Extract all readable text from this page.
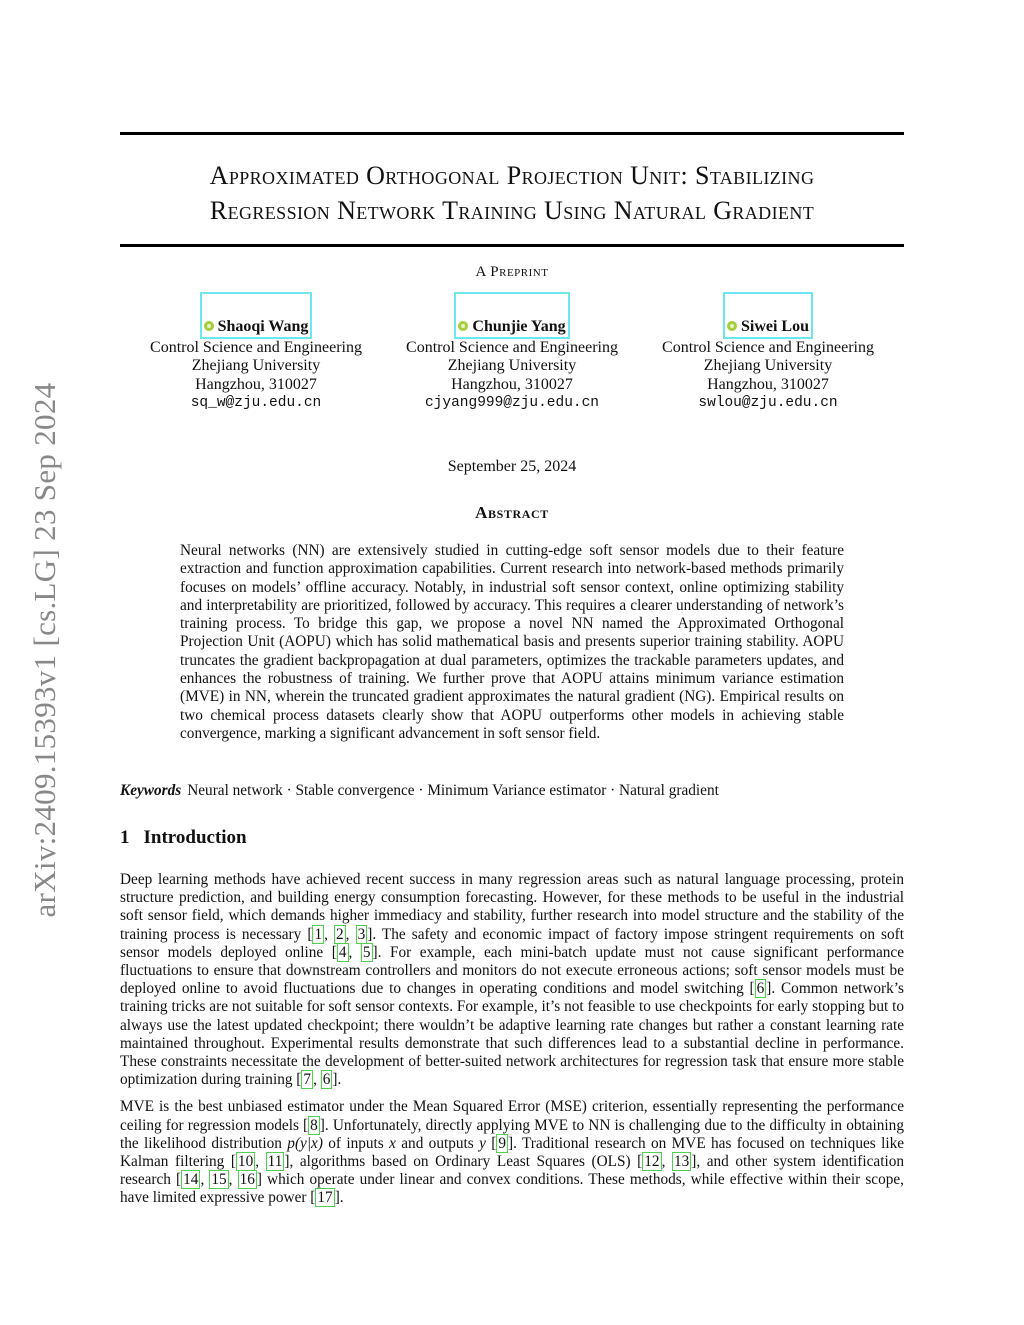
arXiv:2409.15393v1 [cs.LG] 23 Sep 2024
Approximated Orthogonal Projection Unit: Stabilizing
Regression Network Training Using Natural Gradient
A Preprint
Shaoqi Wang
Control Science and Engineering
Zhejiang University
Hangzhou, 310027
sq_w@zju.edu.cn
Chunjie Yang
Control Science and Engineering
Zhejiang University
Hangzhou, 310027
cjyang999@zju.edu.cn
Siwei Lou
Control Science and Engineering
Zhejiang University
Hangzhou, 310027
swlou@zju.edu.cn
September 25, 2024
Abstract
Neural networks (NN) are extensively studied in cutting-edge soft sensor models due to their feature extraction and function approximation capabilities. Current research into network-based methods primarily focuses on models’ offline accuracy. Notably, in industrial soft sensor context, online optimizing stability and interpretability are prioritized, followed by accuracy. This requires a clearer understanding of network’s training process. To bridge this gap, we propose a novel NN named the Approximated Orthogonal Projection Unit (AOPU) which has solid mathematical basis and presents superior training stability. AOPU truncates the gradient backpropagation at dual parameters, optimizes the trackable parameters updates, and enhances the robustness of training. We further prove that AOPU attains minimum variance estimation (MVE) in NN, wherein the truncated gradient approximates the natural gradient (NG). Empirical results on two chemical process datasets clearly show that AOPU outperforms other models in achieving stable convergence, marking a significant advancement in soft sensor field.
Keywords Neural network · Stable convergence · Minimum Variance estimator · Natural gradient
1 Introduction

Deep learning methods have achieved recent success in many regression areas such as natural language processing, protein structure prediction, and building energy consumption forecasting. However, for these methods to be useful in the industrial soft sensor field, which demands higher immediacy and stability, further research into model structure and the stability of the training process is necessary [ 1 , 2 , 3 ]. The safety and economic impact of factory impose stringent requirements on soft sensor models deployed online [ 4 , 5 ]. For example, each mini-batch update must not cause significant performance fluctuations to ensure that downstream controllers and monitors do not execute erroneous actions; soft sensor models must be deployed online to avoid fluctuations due to changes in operating conditions and model switching [ 6 ]. Common network’s training tricks are not suitable for soft sensor contexts. For example, it’s not feasible to use checkpoints for early stopping but to always use the latest updated checkpoint; there wouldn’t be adaptive learning rate changes but rather a constant learning rate maintained throughout. Experimental results demonstrate that such differences lead to a substantial decline in performance. These constraints necessitate the development of better-suited network architectures for regression task that ensure more stable optimization during training [ 7 , 6 ].

MVE is the best unbiased estimator under the Mean Squared Error (MSE) criterion, essentially representing the performance ceiling for regression models [ 8 ]. Unfortunately, directly applying MVE to NN is challenging due to the difficulty in obtaining the likelihood distribution p(y|x) of inputs x and outputs y [ 9 ]. Traditional research on MVE has focused on techniques like Kalman filtering [ 10 , 11 ], algorithms based on Ordinary Least Squares (OLS) [ 12 , 13 ], and other system identification research [ 14 , 15 , 16 ] which operate under linear and convex conditions. These methods, while effective within their scope, have limited expressive power [ 17 ].
